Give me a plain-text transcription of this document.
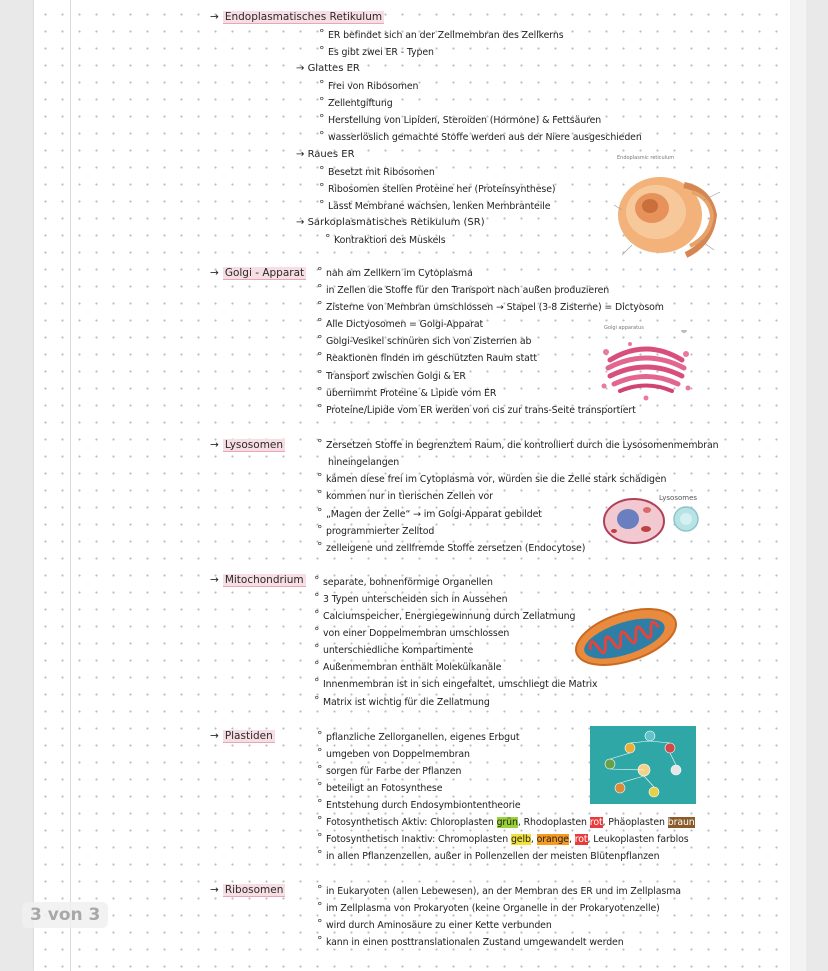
→ Endoplasmatisches Retikulum
° ER befindet sich an der Zellmembran des Zellkerns
° Es gibt zwei ER - Typen
→ Glattes ER
° Frei von Ribosomen
° Zellentgiftung
° Herstellung von Lipiden, Steroiden (Hormone) & Fettsäuren
° wasserlöslich gemachte Stoffe werden aus der Niere ausgeschieden
→ Raues ER
° Besetzt mit Ribosomen
° Ribosomen stellen Proteine her (Proteinsynthese)
° Lässt Membrane wachsen, lenken Membranteile
→ Sarkoplasmatisches Retikulum (SR)
° Kontraktion des Muskels
Endoplasmic reticulum
→ Golgi - Apparat ° nah am Zellkern im Cytoplasma
° in Zellen die Stoffe für den Transport nach außen produzieren
° Zisterne von Membran umschlossen → Stapel (3-8 Zisterne) = Dictyosom
° Alle Dictyosomen = Golgi-Apparat
° Golgi-Vesikel schnüren sich von Zisternen ab
° Reaktionen finden im geschützten Raum statt
° Transport zwischen Golgi & ER
° übernimmt Proteine & Lipide vom ER
° Proteine/Lipide vom ER werden von cis zur trans-Seite transportiert
Golgi apparatus
→ Lysosomen	° Zersetzen Stoffe in begrenztem Raum, die kontrolliert durch die Lysosomenmembran
hineingelangen
° kämen diese frei im Cytoplasma vor, würden sie die Zelle stark schädigen
° kommen nur in tierischen Zellen vor
° „Magen der Zelle“ → im Golgi-Apparat gebildet
° programmierter Zelltod
° zelleigene und zellfremde Stoffe zersetzen (Endocytose)
Lysosomes
→ Mitochondrium ° separate, bohnenförmige Organellen
° 3 Typen unterscheiden sich in Aussehen
° Calciumspeicher, Energiegewinnung durch Zellatmung
° von einer Doppelmembran umschlossen
° unterschiedliche Kompartimente
° Außenmembran enthält Molekülkanäle
° Innenmembran ist in sich eingefaltet, umschliegt die Matrix
° Matrix ist wichtig für die Zellatmung
→ Plastiden	° pflanzliche Zellorganellen, eigenes Erbgut
° umgeben von Doppelmembran
° sorgen für Farbe der Pflanzen
° beteiligt an Fotosynthese
° Entstehung durch Endosymbiontentheorie
° Fotosynthetisch Aktiv: Chloroplasten grün, Rhodoplasten rot, Phäoplasten braun
° Fotosynthetisch Inaktiv: Chromoplasten gelb, orange, rot, Leukoplasten farblos
° in allen Pflanzenzellen, außer in Pollenzellen der meisten Blütenpflanzen
→ Ribosomen	° in Eukaryoten (allen Lebewesen), an der Membran des ER und im Zellplasma
° im Zellplasma von Prokaryoten (keine Organelle in der Prokaryotenzelle)
° wird durch Aminosäure zu einer Kette verbunden
° kann in einen posttranslationalen Zustand umgewandelt werden
3 von 3
